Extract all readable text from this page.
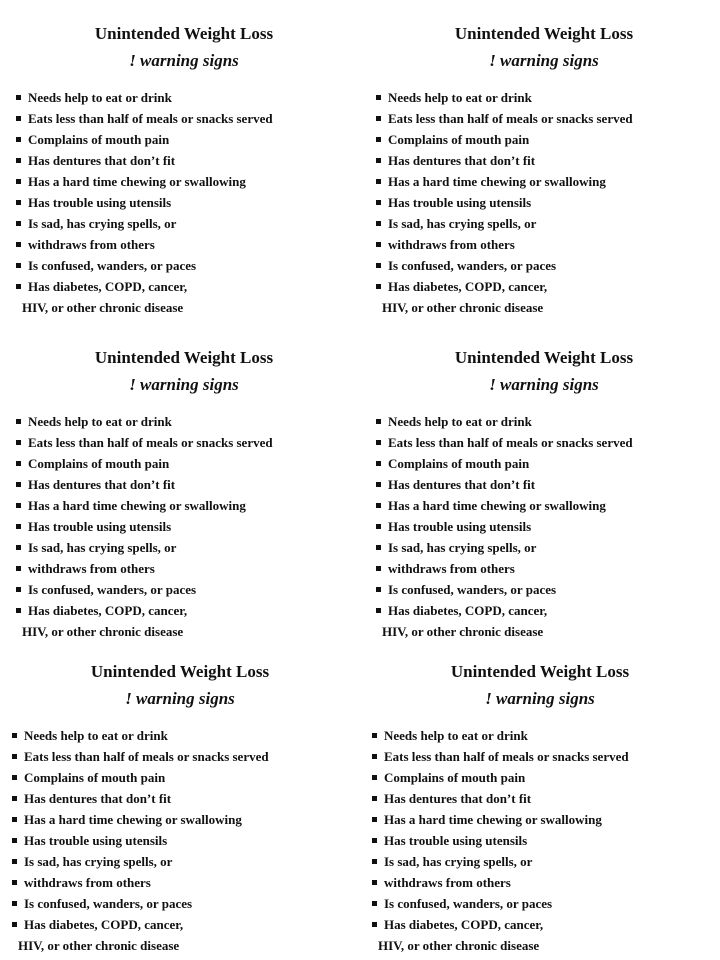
Unintended Weight Loss
! warning signs
Needs help to eat or drink
Eats less than half of meals or snacks served
Complains of mouth pain
Has dentures that don’t fit
Has a hard time chewing or swallowing
Has trouble using utensils
Is sad, has crying spells, or
withdraws from others
Is confused, wanders, or paces
Has diabetes, COPD, cancer,
HIV, or other chronic disease
Unintended Weight Loss
! warning signs
Needs help to eat or drink
Eats less than half of meals or snacks served
Complains of mouth pain
Has dentures that don’t fit
Has a hard time chewing or swallowing
Has trouble using utensils
Is sad, has crying spells, or
withdraws from others
Is confused, wanders, or paces
Has diabetes, COPD, cancer,
HIV, or other chronic disease
Unintended Weight Loss
! warning signs
Needs help to eat or drink
Eats less than half of meals or snacks served
Complains of mouth pain
Has dentures that don’t fit
Has a hard time chewing or swallowing
Has trouble using utensils
Is sad, has crying spells, or
withdraws from others
Is confused, wanders, or paces
Has diabetes, COPD, cancer,
HIV, or other chronic disease
Unintended Weight Loss
! warning signs
Needs help to eat or drink
Eats less than half of meals or snacks served
Complains of mouth pain
Has dentures that don’t fit
Has a hard time chewing or swallowing
Has trouble using utensils
Is sad, has crying spells, or
withdraws from others
Is confused, wanders, or paces
Has diabetes, COPD, cancer,
HIV, or other chronic disease
Unintended Weight Loss
! warning signs
Needs help to eat or drink
Eats less than half of meals or snacks served
Complains of mouth pain
Has dentures that don’t fit
Has a hard time chewing or swallowing
Has trouble using utensils
Is sad, has crying spells, or
withdraws from others
Is confused, wanders, or paces
Has diabetes, COPD, cancer,
HIV, or other chronic disease
Unintended Weight Loss
! warning signs
Needs help to eat or drink
Eats less than half of meals or snacks served
Complains of mouth pain
Has dentures that don’t fit
Has a hard time chewing or swallowing
Has trouble using utensils
Is sad, has crying spells, or
withdraws from others
Is confused, wanders, or paces
Has diabetes, COPD, cancer,
HIV, or other chronic disease
